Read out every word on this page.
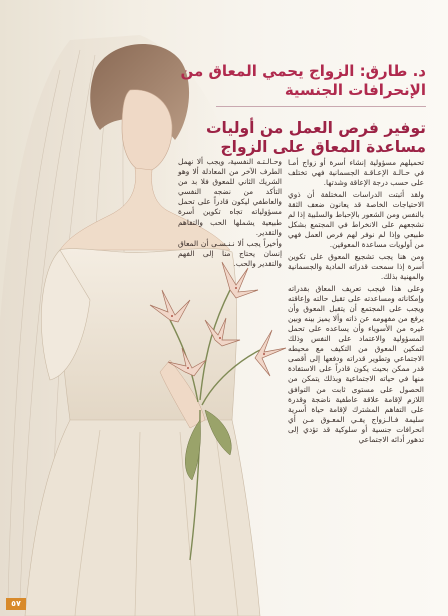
د. طارق: الزواج يحمي المعاق من الإنحرافات الجنسية
توفير فرص العمل من أوليات مساعدة المعاق على الزواج

تحميلهم مسؤولية إنشاء أسرة أو زواج أمـا في حـالـة الإعـاقـة الجسمانية فهي تختلف على حسب درجة الإعاقة وشدتها.

ولقد أثبتت الدراسات المختلفة أن ذوي الاحتياجات الخاصة قد يعانون ضعف الثقة بالنفس ومن الشعور بالإحباط والسلبية إذا لم نشجعهم على الانخراط في المجتمع بشكل طبيعي وإذا لم نوفر لهم فرص العمل فهي من أولويات مساعدة المعوقين.

ومن هنا يجب تشجيع المعوق على تكوين أسرة إذا سمحت قدراته المادية والجسمانية والمهنية بذلك.

وعلى هذا فيجب تعريف المعاق بقدراته وإمكاناته ومساعدته على تقبل حالته وإعاقته ويجب على المجتمع أن يتقبل المعوق وأن يرفع من مفهومه عن ذاته وألا يميز بينه وبين غيره من الأسوياء وأن يساعده على تحمل المسؤولية والاعتماد على النفس وذلك لتمكين المعوق من التكيف مع محيطه الاجتماعي وتطوير قدراته ودفعها إلى أقصى قدر ممكن بحيث يكون قادراً على الاستفادة منها في حياته الاجتماعية وبذلك يتمكن من الحصول على مستوى ثابت من التوافق اللازم لإقامة علاقة عاطفية ناضجة وقدرة على التفاهم المشترك لإقامة حياة أسرية سليمة فـالـزواج يقـي المعـوق مـن أي انحرافات جنسية أو سلوكية قد تؤدي إلى تدهور أدائه الاجتماعي

وحـالـتـه النفسية، ويجب ألا نهمل الطرف الآخر من المعادلة ألا وهو الشريك الثاني للمعوق فلا بد من التأكد من نضجه النفسي والعاطفي ليكون قادراً على تحمل مسؤولياته تجاه تكوين أسرة طبيعية يشملها الحب والتفاهم والتقدير.

وأخيراً يجب ألا نـنـسـى أن المعاق إنسان يحتاج منا إلى الفهم والتقدير والحب.

٥٧
